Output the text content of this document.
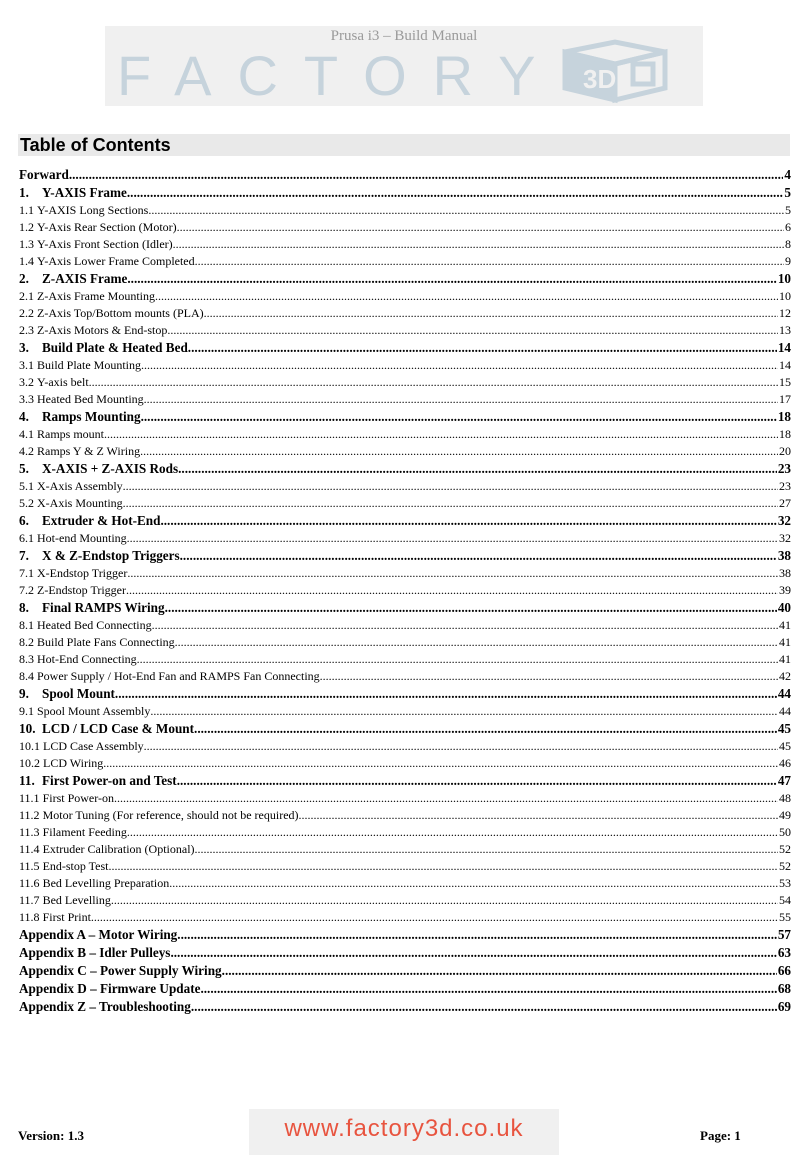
Prusa i3 – Build Manual
FACTORY 3D
Table of Contents
Forward .....	4
1. Y-AXIS Frame .....	5
1.1 Y-AXIS Long Sections .....	5
1.2 Y-Axis Rear Section (Motor) .....	6
1.3 Y-Axis Front Section (Idler) .....	8
1.4 Y-Axis Lower Frame Completed .....	9
2. Z-AXIS Frame .....	10
2.1 Z-Axis Frame Mounting .....	10
2.2 Z-Axis Top/Bottom mounts (PLA) .....	12
2.3 Z-Axis Motors & End-stop .....	13
3. Build Plate & Heated Bed .....	14
3.1 Build Plate Mounting .....	14
3.2 Y-axis belt .....	15
3.3 Heated Bed Mounting .....	17
4. Ramps Mounting .....	18
4.1 Ramps mount .....	18
4.2 Ramps Y & Z Wiring .....	20
5. X-AXIS + Z-AXIS Rods .....	23
5.1 X-Axis Assembly .....	23
5.2 X-Axis Mounting .....	27
6. Extruder & Hot-End .....	32
6.1 Hot-end Mounting .....	32
7. X & Z-Endstop Triggers .....	38
7.1 X-Endstop Trigger .....	38
7.2 Z-Endstop Trigger .....	39
8. Final RAMPS Wiring .....	40
8.1 Heated Bed Connecting .....	41
8.2 Build Plate Fans Connecting .....	41
8.3 Hot-End Connecting .....	41
8.4 Power Supply / Hot-End Fan and RAMPS Fan Connecting .....	42
9. Spool Mount .....	44
9.1 Spool Mount Assembly .....	44
10. LCD / LCD Case & Mount .....	45
10.1 LCD Case Assembly .....	45
10.2 LCD Wiring .....	46
11. First Power-on and Test .....	47
11.1 First Power-on .....	48
11.2 Motor Tuning (For reference, should not be required) .....	49
11.3 Filament Feeding .....	50
11.4 Extruder Calibration (Optional) .....	52
11.5 End-stop Test .....	52
11.6 Bed Levelling Preparation .....	53
11.7 Bed Levelling .....	54
11.8 First Print .....	55
Appendix A – Motor Wiring .....	57
Appendix B – Idler Pulleys .....	63
Appendix C – Power Supply Wiring .....	66
Appendix D – Firmware Update .....	68
Appendix Z – Troubleshooting .....	69
Version: 1.3	www.factory3d.co.uk	Page: 1
